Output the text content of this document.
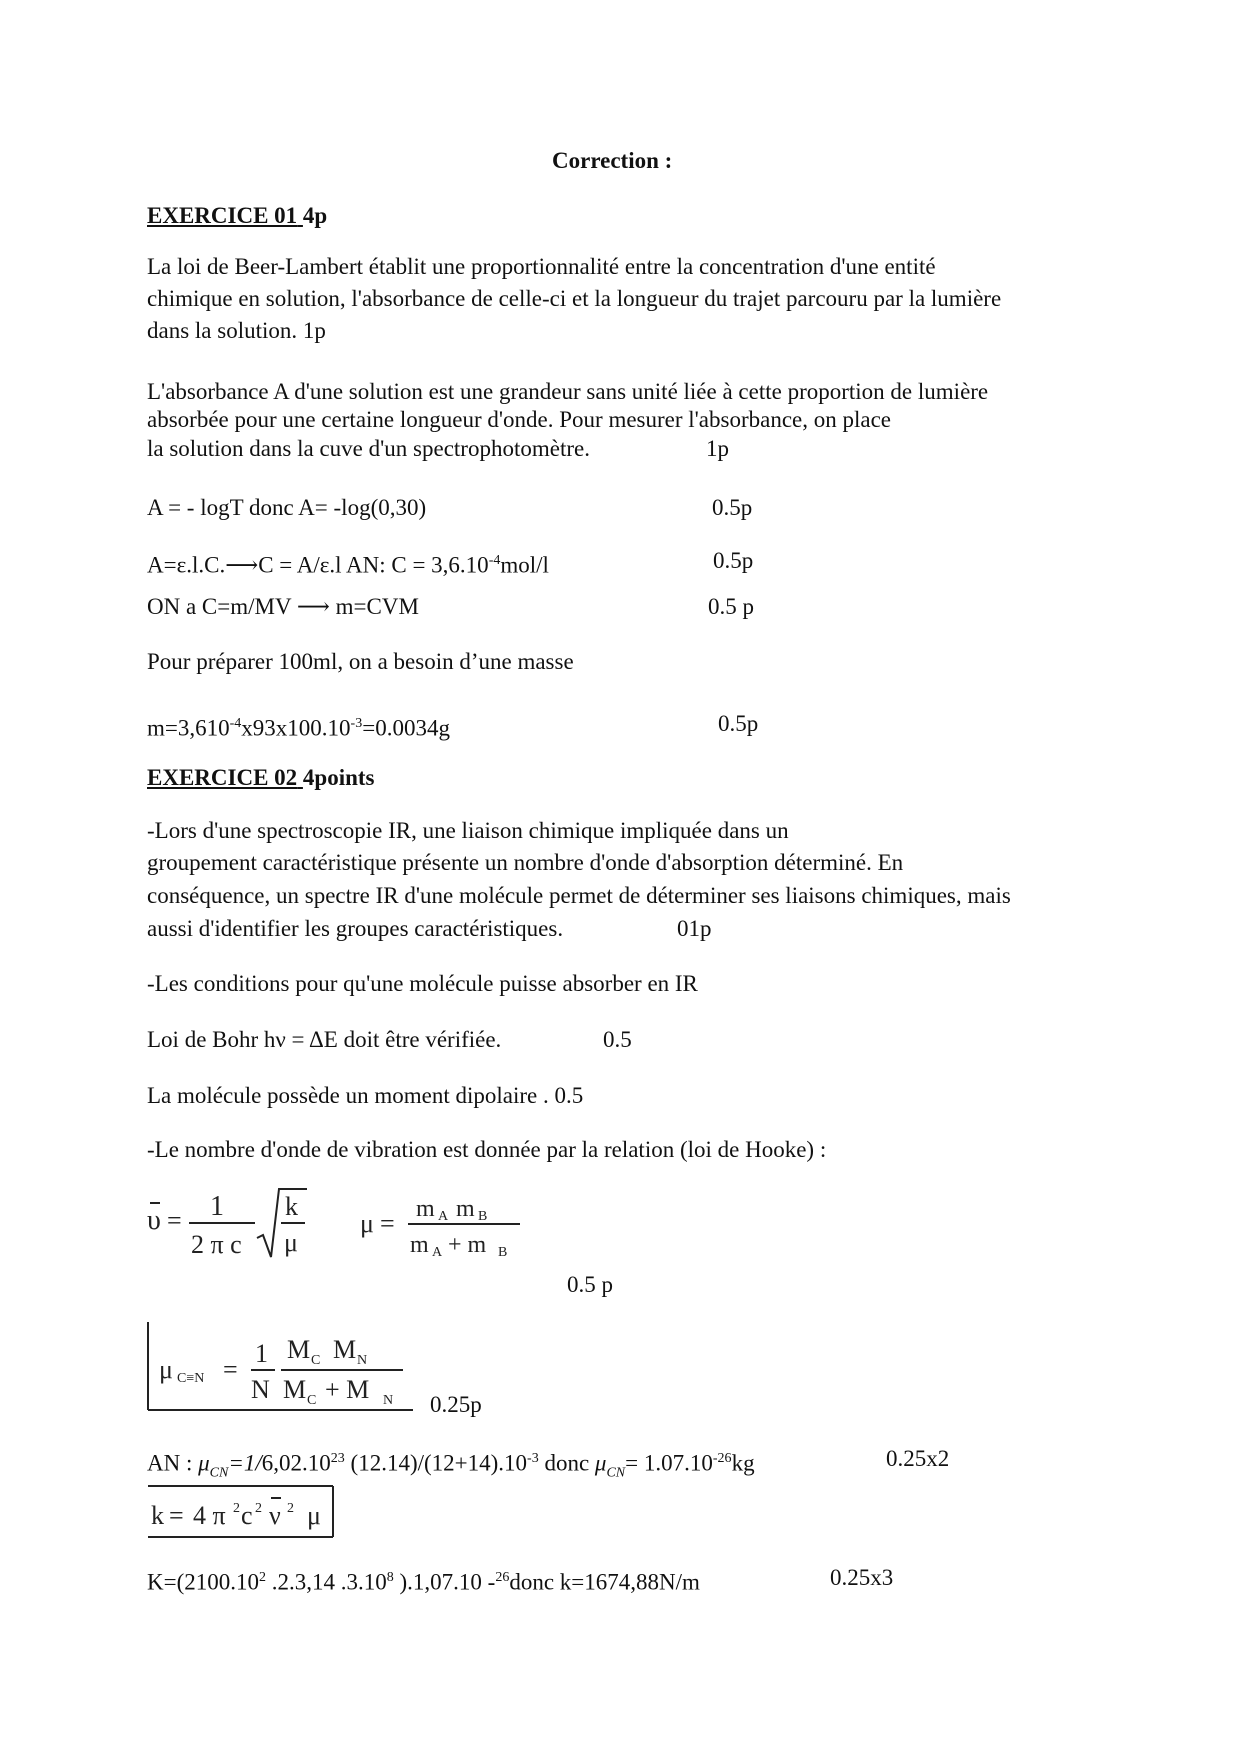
Correction :
EXERCICE 01 4p
La loi de Beer-Lambert établit une proportionnalité entre la concentration d'une entité
chimique en solution, l'absorbance de celle-ci et la longueur du trajet parcouru par la lumière
dans la solution. 1p
L'absorbance A d'une solution est une grandeur sans unité liée à cette proportion de lumière
absorbée pour une certaine longueur d'onde. Pour mesurer l'absorbance, on place
la solution dans la cuve d'un spectrophotomètre.	1p
A = - logT donc A= -log(0,30)	0.5p
A=ε.l.C.⟶C = A/ε.l AN: $C = 3,6.10^{-4}mol/l$	0.5p
ON a C=m/MV ⟶ m=CVM	0.5 p
Pour préparer 100ml, on a besoin d’une masse
$m=3,610^{-4}x93x100.10^{-3}=0.0034g$	0.5p
EXERCICE 02 4points
-Lors d'une spectroscopie IR, une liaison chimique impliquée dans un
groupement caractéristique présente un nombre d'onde d'absorption déterminé. En
conséquence, un spectre IR d'une molécule permet de déterminer ses liaisons chimiques, mais
aussi d'identifier les groupes caractéristiques.	01p
-Les conditions pour qu'une molécule puisse absorber en IR
Loi de Bohr hν = ΔE doit être vérifiée.	0.5
La molécule possède un moment dipolaire . 0.5
-Le nombre d'onde de vibration est donnée par la relation (loi de Hooke) :
υ = 1
2 π c
k
μ
μ = m A m B
m A + m B
0.5 p
μ C≡N =
1
N
M C M N
M C + M N 0.25p
AN : $\mu_{CN}=1/6,02.10^{23}$ $(12.14)/(12+14).10^{-3}$ donc $\mu_{CN}= 1.07.10^{-26}kg$	0.25x2
k = 4 π 2 c 2 ν 2 μ
$K=(2100.10^2$ .2.3,14 .3.10$^8$ ).1,07.10 -$^{26}$donc k=1674,88N/m	0.25x3
